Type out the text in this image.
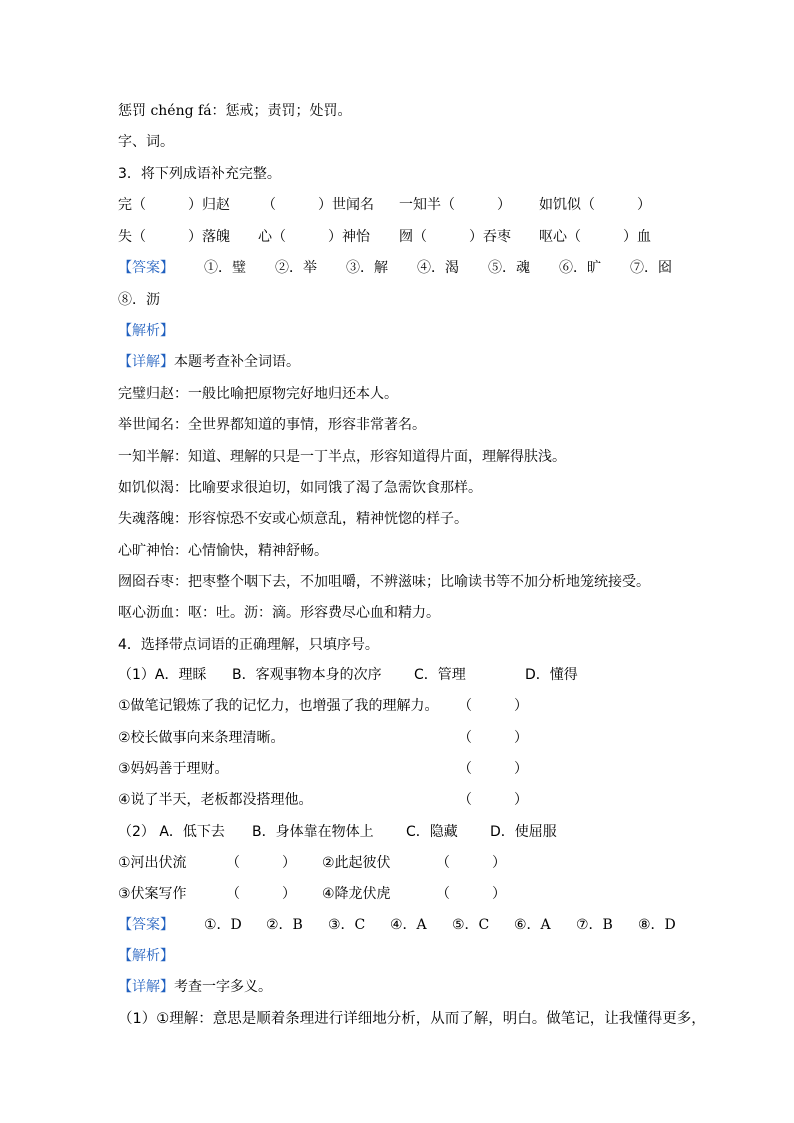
惩罚 chéng fá：惩戒；责罚；处罚。
字、词。
3．将下列成语补充完整。
完（　　　）归赵 （　　　）世闻名 一知半（　　　） 如饥似（　　　）
失（　　　）落魄 心（　　　）神怡 囫（　　　）吞枣 呕心（　　　）血
【答案】 ①．璧 ②．举 ③．解 ④．渴 ⑤．魂 ⑥．旷 ⑦．囵
⑧．沥
【解析】
【详解】本题考查补全词语。
完璧归赵：一般比喻把原物完好地归还本人。
举世闻名：全世界都知道的事情，形容非常著名。
一知半解：知道、理解的只是一丁半点，形容知道得片面，理解得肤浅。
如饥似渴：比喻要求很迫切，如同饿了渴了急需饮食那样。
失魂落魄：形容惊恐不安或心烦意乱，精神恍惚的样子。
心旷神怡：心情愉快，精神舒畅。
囫囵吞枣：把枣整个咽下去，不加咀嚼，不辨滋味；比喻读书等不加分析地笼统接受。
呕心沥血：呕：吐。沥：滴。形容费尽心血和精力。
4．选择带点词语的正确理解，只填序号。
（1）A．理睬 B．客观事物本身的次序 C．管理	D．懂得
①做笔记锻炼了我的记忆力，也增强了我的理解力。 （　　　）
②校长做事向来条理清晰。	（　　　）
③妈妈善于理财。	（　　　）
④说了半天，老板都没搭理他。	（　　　）
（2） A．低下去 B．身体靠在物体上 C．隐藏 D．使屈服
①河出伏流	（　　　） ②此起彼伏	（　　　）
③伏案写作	（　　　） ④降龙伏虎	（　　　）
【答案】 ①．D ②．B ③．C ④．A ⑤．C ⑥．A ⑦．B ⑧．D
【解析】
【详解】考查一字多义。
（1）①理解：意思是顺着条理进行详细地分析，从而了解，明白。做笔记，让我懂得更多，
